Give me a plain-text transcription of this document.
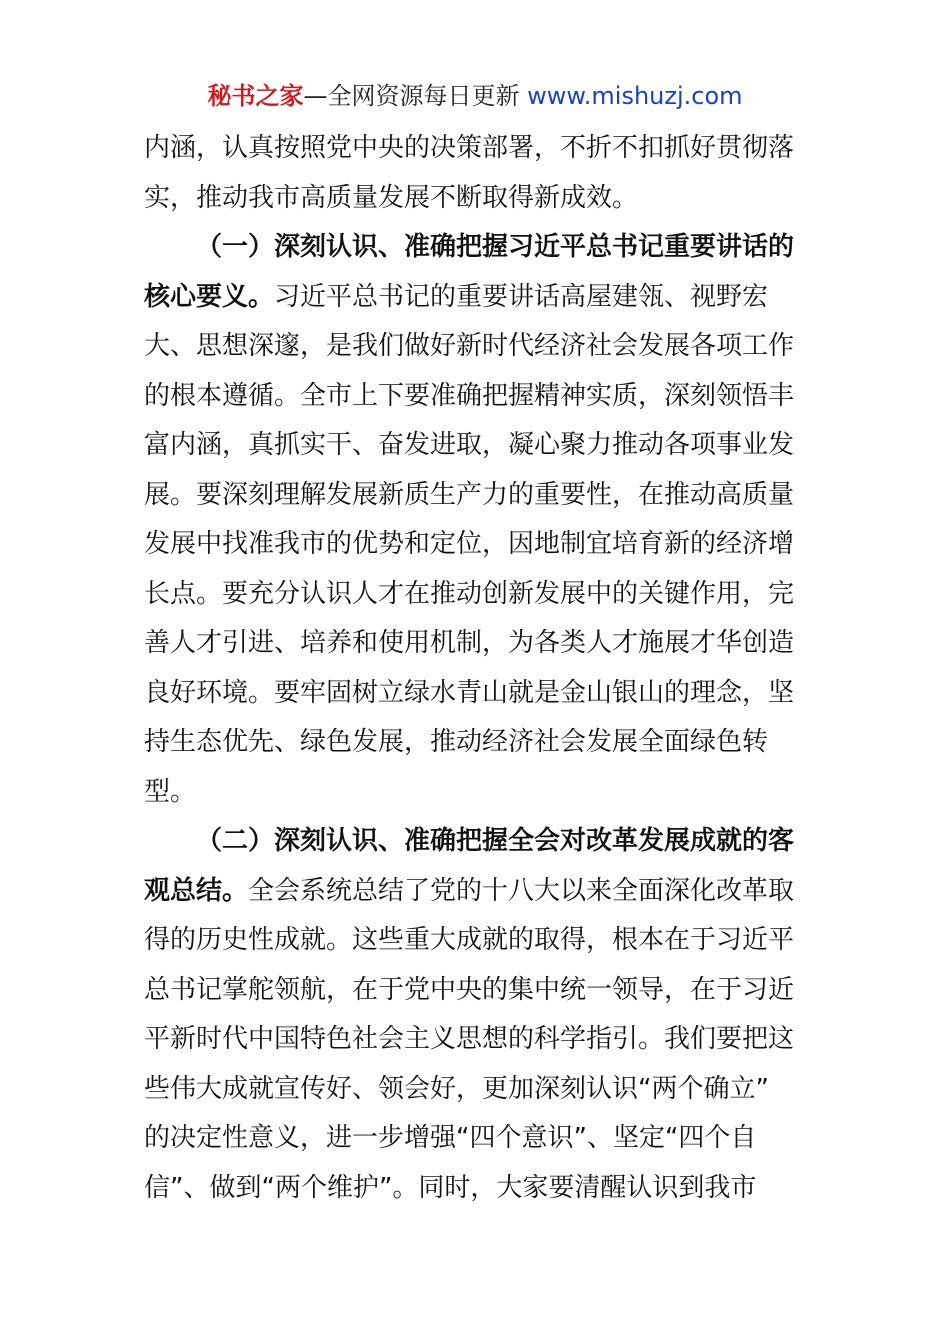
秘书之家—全网资源每日更新 www.mishuzj.com
内涵，认真按照党中央的决策部署，不折不扣抓好贯彻落
实，推动我市高质量发展不断取得新成效。
（一）深刻认识、准确把握习近平总书记重要讲话的
核心要义。习近平总书记的重要讲话高屋建瓴、视野宏
大、思想深邃，是我们做好新时代经济社会发展各项工作
的根本遵循。全市上下要准确把握精神实质，深刻领悟丰
富内涵，真抓实干、奋发进取，凝心聚力推动各项事业发
展。要深刻理解发展新质生产力的重要性，在推动高质量
发展中找准我市的优势和定位，因地制宜培育新的经济增
长点。要充分认识人才在推动创新发展中的关键作用，完
善人才引进、培养和使用机制，为各类人才施展才华创造
良好环境。要牢固树立绿水青山就是金山银山的理念，坚
持生态优先、绿色发展，推动经济社会发展全面绿色转
型。
（二）深刻认识、准确把握全会对改革发展成就的客
观总结。全会系统总结了党的十八大以来全面深化改革取
得的历史性成就。这些重大成就的取得，根本在于习近平
总书记掌舵领航，在于党中央的集中统一领导，在于习近
平新时代中国特色社会主义思想的科学指引。我们要把这
些伟大成就宣传好、领会好，更加深刻认识“两个确立”
的决定性意义，进一步增强“四个意识”、坚定“四个自
信”、做到“两个维护”。同时，大家要清醒认识到我市
